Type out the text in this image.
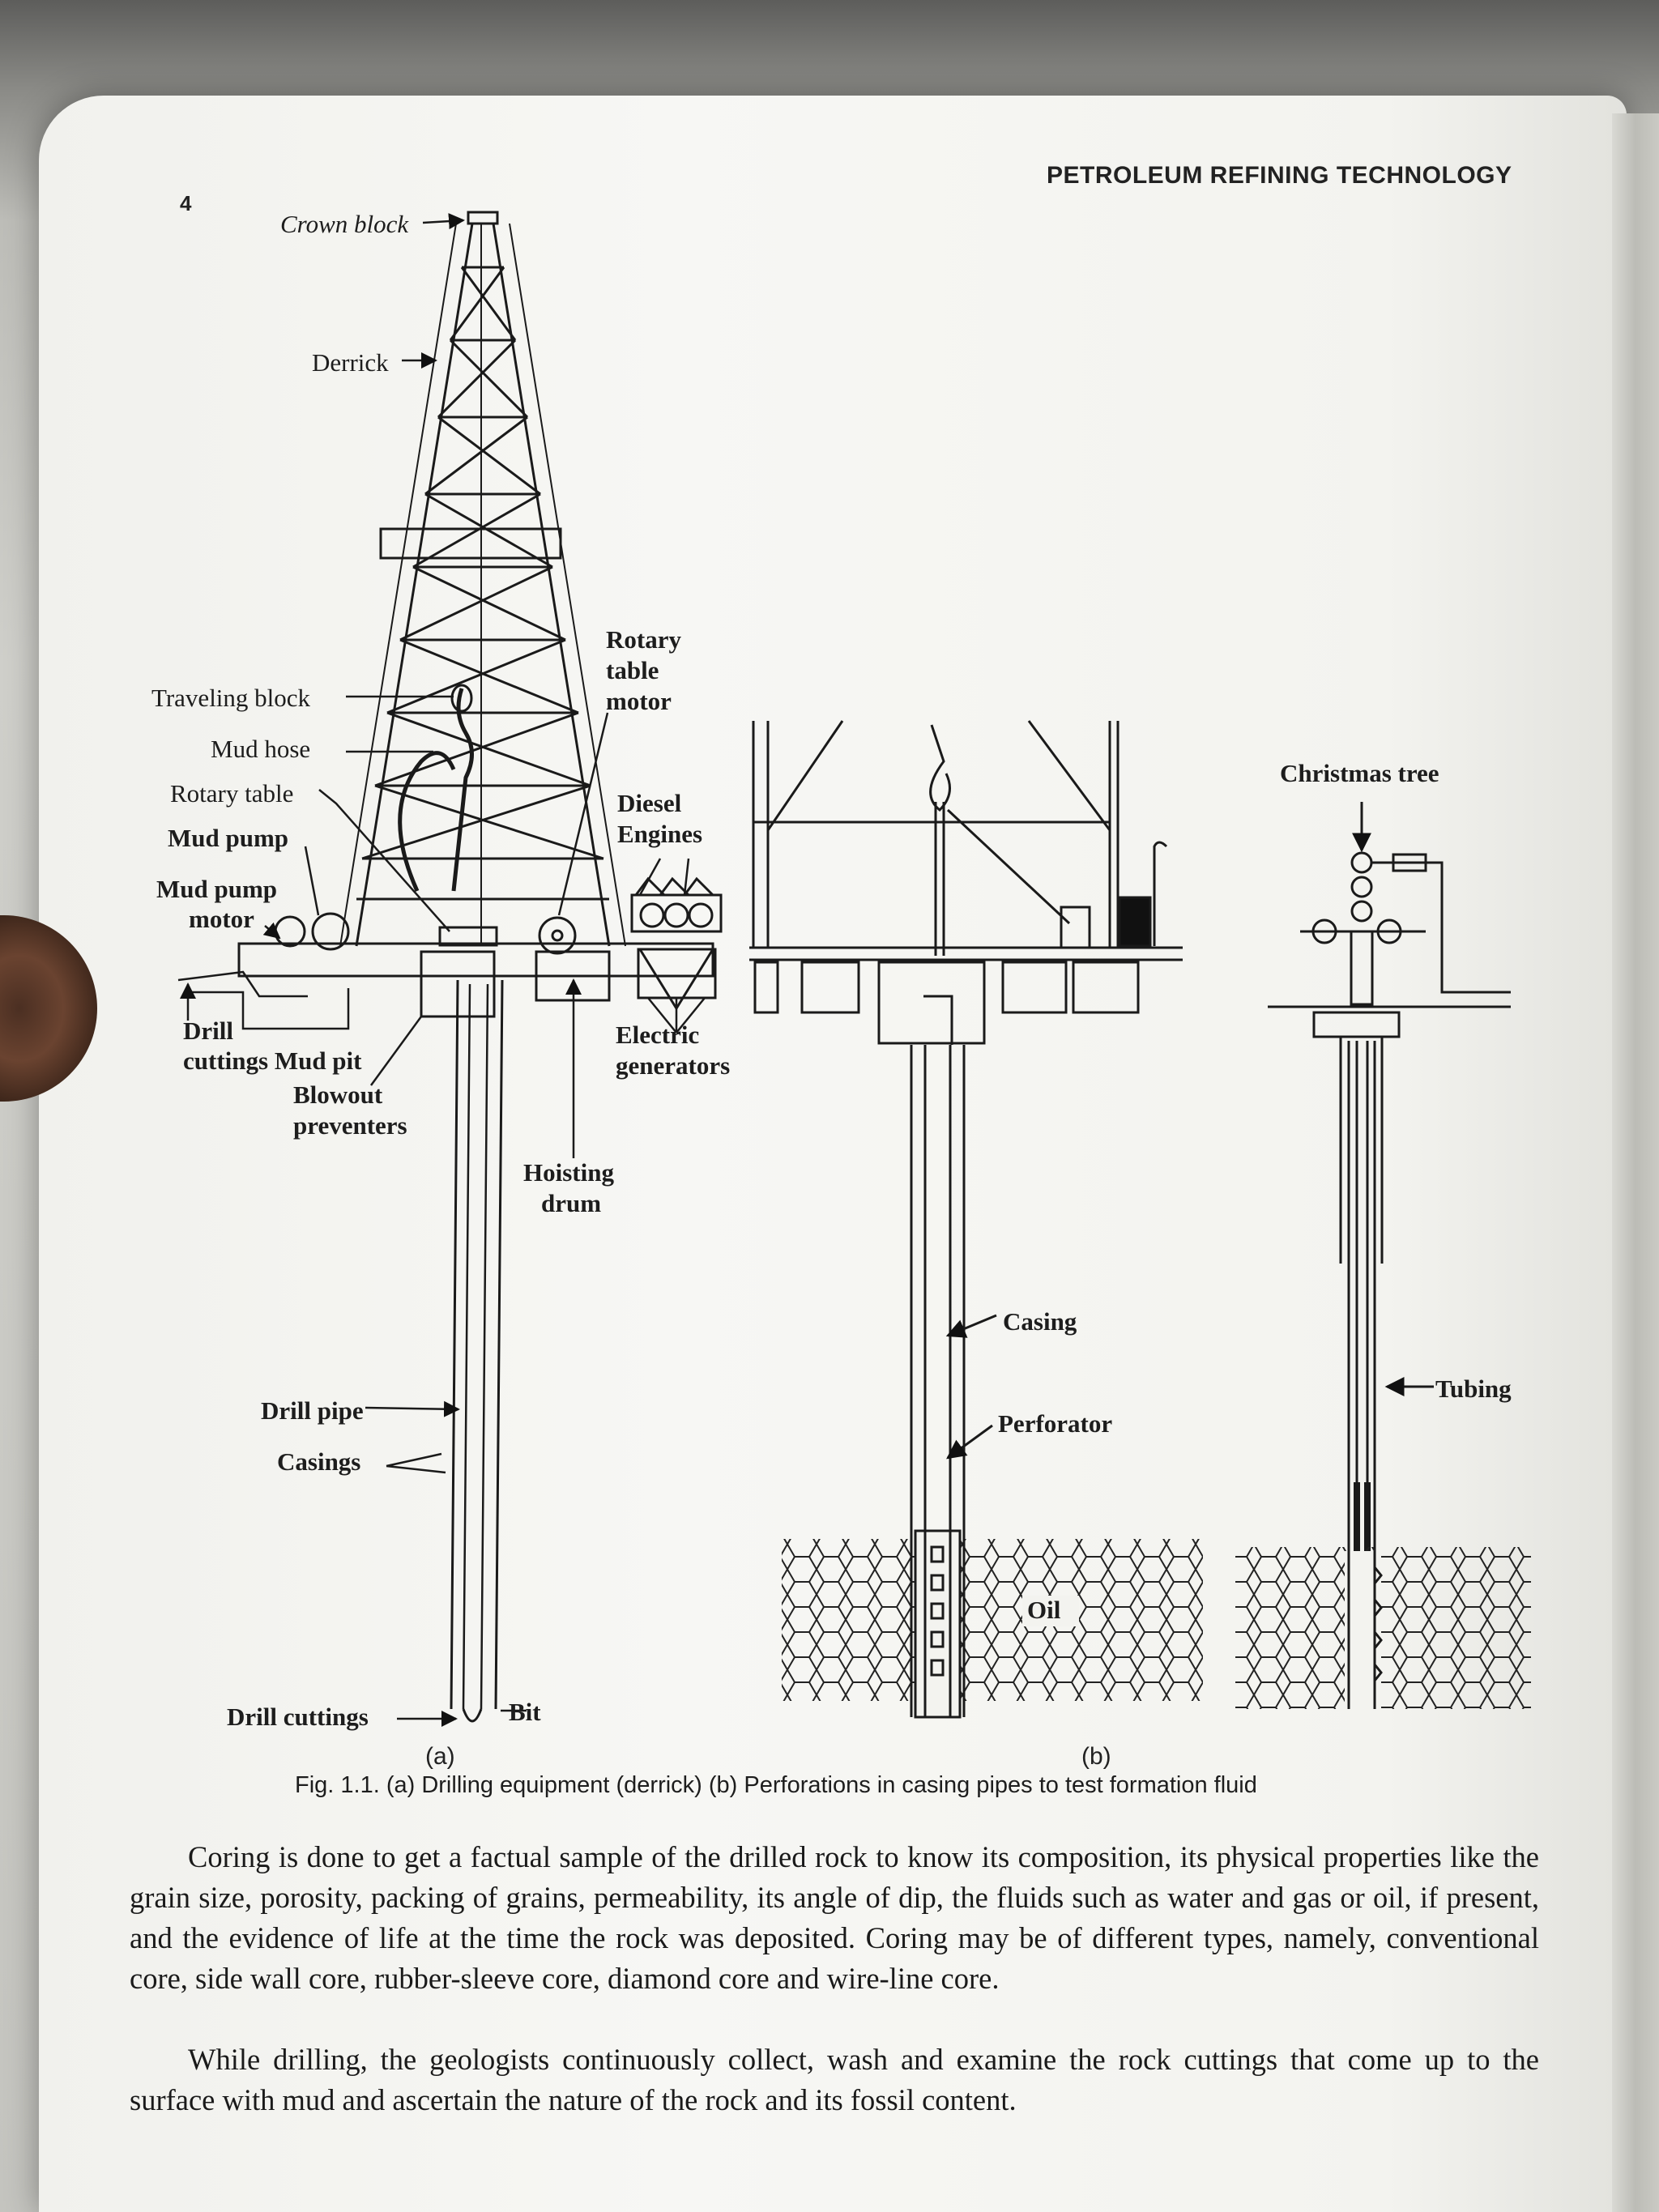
4
PETROLEUM REFINING TECHNOLOGY
Crown block
Derrick
Traveling block
Mud hose
Rotary table
Mud pump
Mud pump
motor
Drill
cuttings Mud pit
Blowout
preventers
Rotary
table
motor
Diesel
Engines
Electric
generators
Hoisting
drum
Drill pipe
Casings
Drill cuttings	Bit
Casing
Perforator
Oil
Christmas tree
Tubing
(a)	(b)
Fig. 1.1. (a) Drilling equipment (derrick) (b) Perforations in casing pipes to test formation fluid

Coring is done to get a factual sample of the drilled rock to know its composition, its physical properties like the grain size, porosity, packing of grains, permeability, its angle of dip, the fluids such as water and gas or oil, if present, and the evidence of life at the time the rock was deposited. Coring may be of different types, namely, conventional core, side wall core, rubber-sleeve core, diamond core and wire-line core.

While drilling, the geologists continuously collect, wash and examine the rock cuttings that come up to the surface with mud and ascertain the nature of the rock and its fossil content.
